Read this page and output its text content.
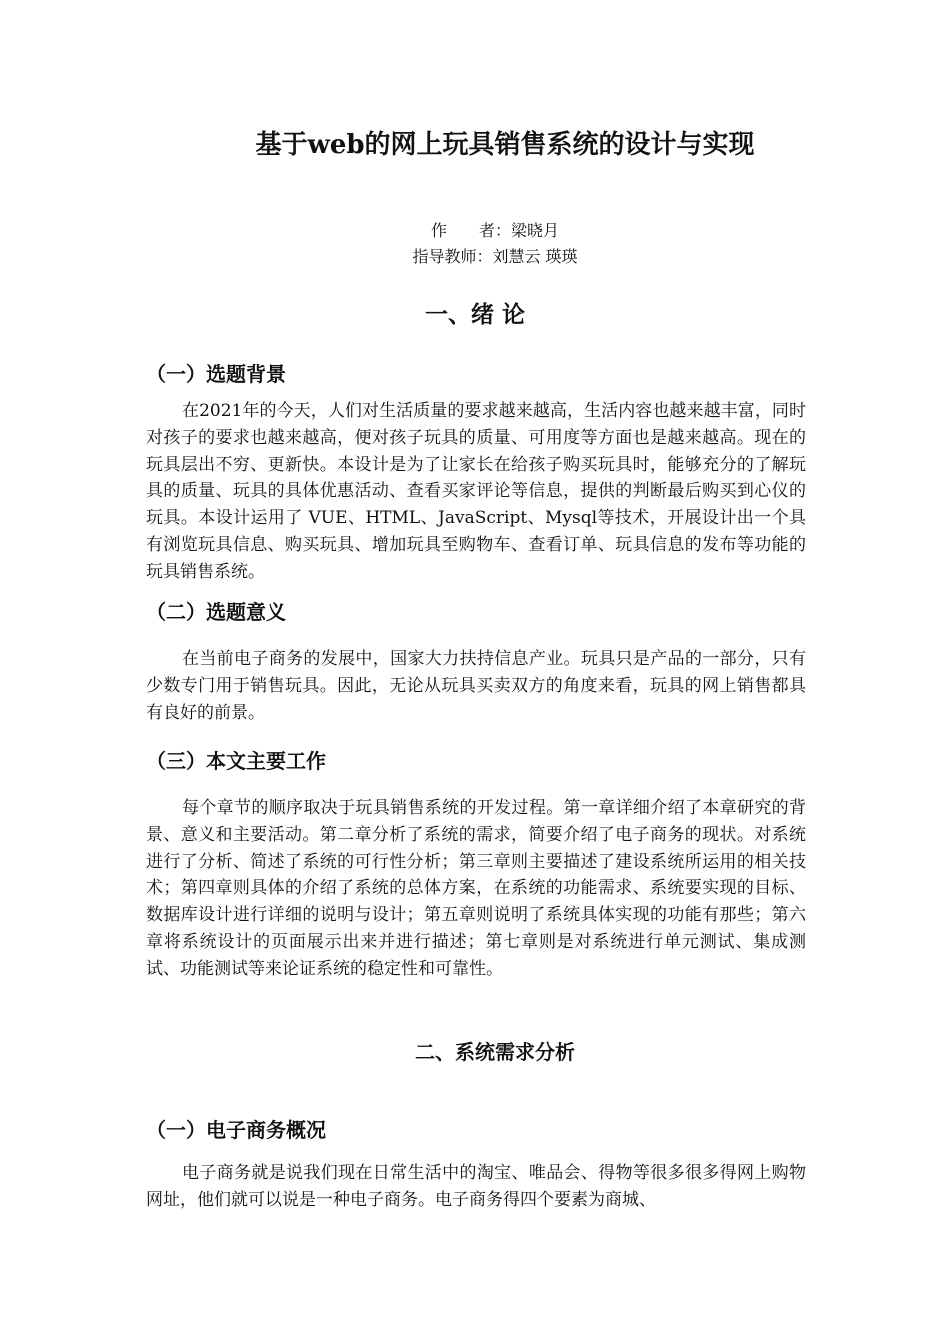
基于web的网上玩具销售系统的设计与实现
作　　者：梁晓月
指导教师：刘慧云 瑛瑛
一、绪 论
（一）选题背景

在2021年的今天，人们对生活质量的要求越来越高，生活内容也越来越丰富，同时对孩子的要求也越来越高，便对孩子玩具的质量、可用度等方面也是越来越高。现在的玩具层出不穷、更新快。本设计是为了让家长在给孩子购买玩具时，能够充分的了解玩具的质量、玩具的具体优惠活动、查看买家评论等信息，提供的判断最后购买到心仪的玩具。本设计运用了 VUE、HTML、JavaScript、Mysql等技术，开展设计出一个具有浏览玩具信息、购买玩具、增加玩具至购物车、查看订单、玩具信息的发布等功能的玩具销售系统。

（二）选题意义

在当前电子商务的发展中，国家大力扶持信息产业。玩具只是产品的一部分，只有少数专门用于销售玩具。因此，无论从玩具买卖双方的角度来看，玩具的网上销售都具有良好的前景。

（三）本文主要工作

每个章节的顺序取决于玩具销售系统的开发过程。第一章详细介绍了本章研究的背景、意义和主要活动。第二章分析了系统的需求，简要介绍了电子商务的现状。对系统进行了分析、简述了系统的可行性分析；第三章则主要描述了建设系统所运用的相关技术；第四章则具体的介绍了系统的总体方案，在系统的功能需求、系统要实现的目标、数据库设计进行详细的说明与设计；第五章则说明了系统具体实现的功能有那些；第六章将系统设计的页面展示出来并进行描述；第七章则是对系统进行单元测试、集成测试、功能测试等来论证系统的稳定性和可靠性。

二、系统需求分析
（一）电子商务概况

电子商务就是说我们现在日常生活中的淘宝、唯品会、得物等很多很多得网上购物网址，他们就可以说是一种电子商务。电子商务得四个要素为商城、
